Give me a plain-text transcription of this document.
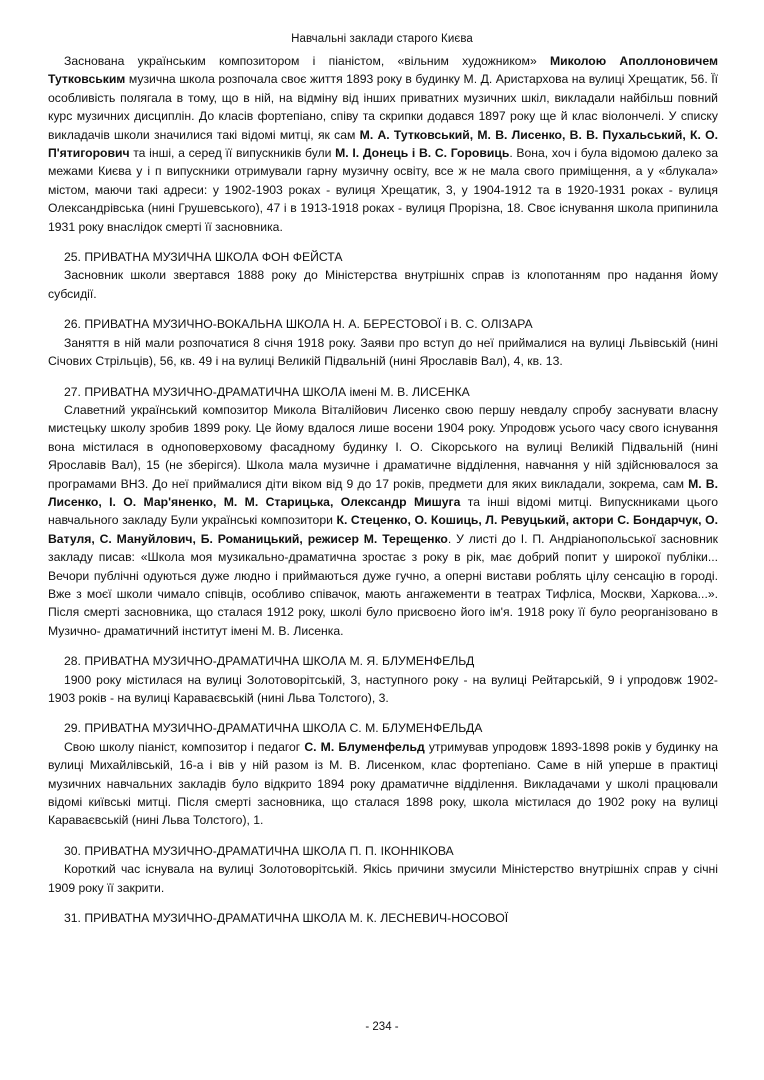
Навчальні заклади старого Києва

Заснована українським композитором і піаністом, «вільним художником» Миколою Аполлоновичем Тутковським музична школа розпочала своє життя 1893 року в будинку М. Д. Аристархова на вулиці Хрещатик, 56. Її особливість полягала в тому, що в ній, на відміну від інших приватних музичних шкіл, викладали найбільш повний курс музичних дисциплін. До класів фортепіано, співу та скрипки додався 1897 року ще й клас віолончелі. У списку викладачів школи значилися такі відомі митці, як сам М. А. Тутковський, М. В. Лисенко, В. В. Пухальський, К. О. П'ятигорович та інші, а серед її випускників були М. І. Донець і В. С. Горовиць. Вона, хоч і була відомою далеко за межами Києва у і п випускники отримували гарну музичну освіту, все ж не мала свого приміщення, а у «блукала» містом, маючи такі адреси: у 1902-1903 роках - вулиця Хрещатик, 3, у 1904-1912 та в 1920-1931 роках - вулиця Олександрівська (нині Грушевського), 47 і в 1913-1918 роках - вулиця Прорізна, 18. Своє існування школа припинила 1931 року внаслідок смерті її засновника.

25. ПРИВАТНА МУЗИЧНА ШКОЛА ФОН ФЕЙСТА

Засновник школи звертався 1888 року до Міністерства внутрішніх справ із клопотанням про надання йому субсидії.

26. ПРИВАТНА МУЗИЧНО-ВОКАЛЬНА ШКОЛА Н. А. БЕРЕСТОВОЇ і В. С. ОЛІЗАРА

Заняття в ній мали розпочатися 8 січня 1918 року. Заяви про вступ до неї приймалися на вулиці Львівській (нині Січових Стрільців), 56, кв. 49 і на вулиці Великій Підвальній (нині Ярославів Вал), 4, кв. 13.

27. ПРИВАТНА МУЗИЧНО-ДРАМАТИЧНА ШКОЛА імені М. В. ЛИСЕНКА

Славетний український композитор Микола Віталійович Лисенко свою першу невдалу спробу заснувати власну мистецьку школу зробив 1899 року. Це йому вдалося лише восени 1904 року. Упродовж усього часу свого існування вона містилася в одноповерховому фасадному будинку І. О. Сікорського на вулиці Великій Підвальній (нині Ярославів Вал), 15 (не зберігся). Школа мала музичне і драматичне відділення, навчання у ній здійснювалося за програмами ВНЗ. До неї приймалися діти віком від 9 до 17 років, предмети для яких викладали, зокрема, сам М. В. Лисенко, І. О. Мар'яненко, М. М. Старицька, Олександр Мишуга та інші відомі митці. Випускниками цього навчального закладу Були українські композитори К. Стеценко, О. Кошиць, Л. Ревуцький, актори С. Бондарчук, О. Ватуля, С. Мануйлович, Б. Романицький, режисер М. Терещенко. У листі до І. П. Андріанопольської засновник закладу писав: «Школа моя музикально-драматична зростає з року в рік, має добрий попит у широкої публіки... Вечори публічні одуються дуже людно і приймаються дуже гучно, а оперні вистави роблять цілу сенсацію в городі. Вже з моєї школи чимало співців, особливо співачок, мають ангажементи в театрах Тифліса, Москви, Харкова...». Після смерті засновника, що сталася 1912 року, школі було присвоєно його ім'я. 1918 року її було реорганізовано в Музично- драматичний інститут імені М. В. Лисенка.

28. ПРИВАТНА МУЗИЧНО-ДРАМАТИЧНА ШКОЛА М. Я. БЛУМЕНФЕЛЬД

1900 року містилася на вулиці Золотоворітській, 3, наступного року - на вулиці Рейтарській, 9 і упродовж 1902-1903 років - на вулиці Караваєвській (нині Льва Толстого), 3.

29. ПРИВАТНА МУЗИЧНО-ДРАМАТИЧНА ШКОЛА С. М. БЛУМЕНФЕЛЬДА

Свою школу піаніст, композитор і педагог С. М. Блуменфельд утримував упродовж 1893-1898 років у будинку на вулиці Михайлівській, 16-а і вів у ній разом із М. В. Лисенком, клас фортепіано. Саме в ній уперше в практиці музичних навчальних закладів було відкрито 1894 року драматичне відділення. Викладачами у школі працювали відомі київські митці. Після смерті засновника, що сталася 1898 року, школа містилася до 1902 року на вулиці Караваєвській (нині Льва Толстого), 1.

30. ПРИВАТНА МУЗИЧНО-ДРАМАТИЧНА ШКОЛА П. П. ІКОННІКОВА

Короткий час існувала на вулиці Золотоворітській. Якісь причини змусили Міністерство внутрішніх справ у січні 1909 року її закрити.

31. ПРИВАТНА МУЗИЧНО-ДРАМАТИЧНА ШКОЛА М. К. ЛЕСНЕВИЧ-НОСОВОЇ
- 234 -
